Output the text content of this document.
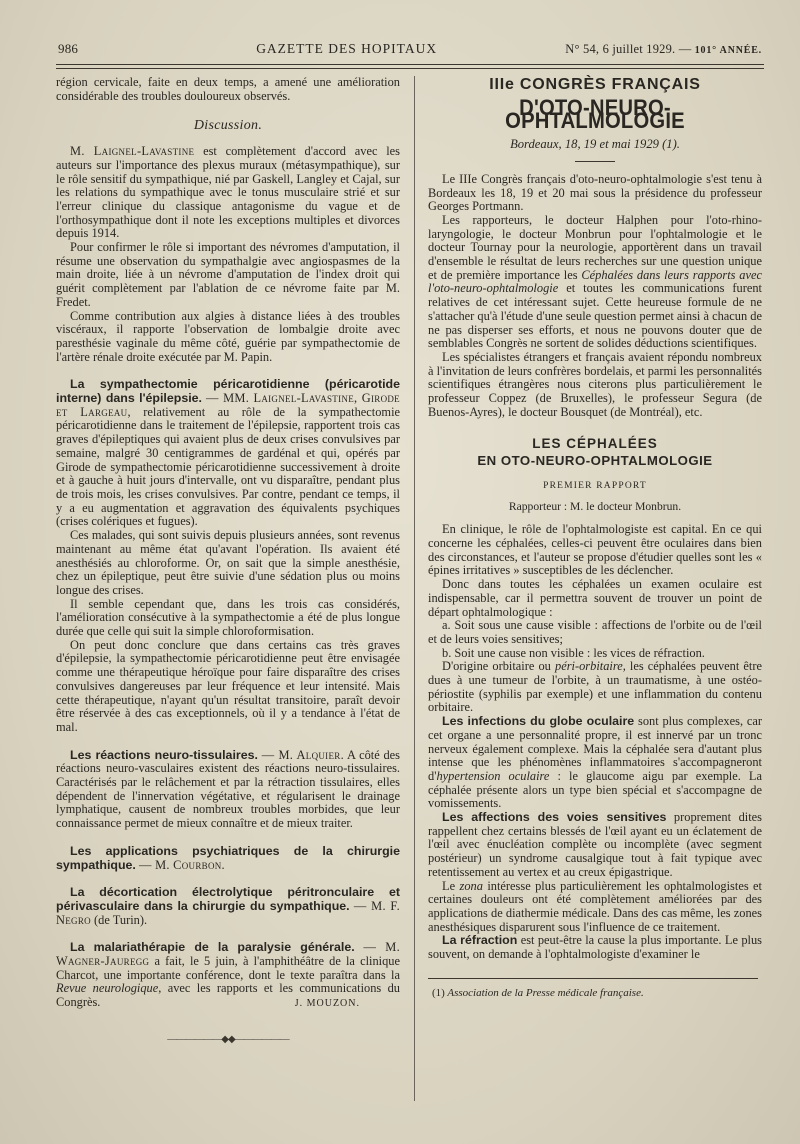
986	GAZETTE DES HOPITAUX	N° 54, 6 juillet 1929. — 101° ANNÉE.

région cervicale, faite en deux temps, a amené une amélioration considérable des troubles douloureux observés.

Discussion.

M. Laignel-Lavastine est complètement d'accord avec les auteurs sur l'importance des plexus muraux (métasympathique), sur le rôle sensitif du sympathique, nié par Gaskell, Langley et Cajal, sur les relations du sympathique avec le tonus musculaire strié et sur l'erreur clinique du classique antagonisme du vague et de l'orthosympathique dont il note les exceptions multiples et divorces depuis 1914.

Pour confirmer le rôle si important des névromes d'amputation, il résume une observation du sympathalgie avec angiospasmes de la main droite, liée à un névrome d'amputation de l'index droit qui guérit complètement par l'ablation de ce névrome faite par M. Fredet.

Comme contribution aux algies à distance liées à des troubles viscéraux, il rapporte l'observation de lombalgie droite avec paresthésie vaginale du même côté, guérie par sympathectomie de l'artère rénale droite exécutée par M. Papin.

La sympathectomie péricarotidienne (péricarotide interne) dans l'épilepsie. — MM. Laignel-Lavastine, Girode et Largeau, relativement au rôle de la sympathectomie péricarotidienne dans le traitement de l'épilepsie, rapportent trois cas graves d'épileptiques qui avaient plus de deux crises convulsives par semaine, malgré 30 centigrammes de gardénal et qui, opérés par Girode de sympathectomie péricarotidienne successivement à droite et à gauche à huit jours d'intervalle, ont vu disparaître, pendant plus de trois mois, les crises convulsives. Par contre, pendant ce temps, il y a eu augmentation et aggravation des équivalents psychiques (crises colériques et fugues).

Ces malades, qui sont suivis depuis plusieurs années, sont revenus maintenant au même état qu'avant l'opération. Ils avaient été anesthésiés au chloroforme. Or, on sait que la simple anesthésie, chez un épileptique, peut être suivie d'une sédation plus ou moins longue des crises.

Il semble cependant que, dans les trois cas considérés, l'amélioration consécutive à la sympathectomie a été de plus longue durée que celle qui suit la simple chloroformisation.

On peut donc conclure que dans certains cas très graves d'épilepsie, la sympathectomie péricarotidienne peut être envisagée comme une thérapeutique héroïque pour faire disparaître des crises convulsives dangereuses par leur fréquence et leur intensité. Mais cette thérapeutique, n'ayant qu'un résultat transitoire, paraît devoir être réservée à des cas exceptionnels, où il y a tendance à l'état de mal.

Les réactions neuro-tissulaires. — M. Alquier. A côté des réactions neuro-vasculaires existent des réactions neuro-tissulaires. Caractérisés par le relâchement et par la rétraction tissulaires, elles dépendent de l'innervation végétative, et régularisent le drainage lymphatique, causent de nombreux troubles morbides, que leur connaissance permet de mieux connaître et de mieux traiter.

Les applications psychiatriques de la chirurgie sympathique. — M. Courbon.

La décortication électrolytique péritronculaire et périvasculaire dans la chirurgie du sympathique. — M. F. Negro (de Turin).

La malariathérapie de la paralysie générale. — M. Wagner-Jauregg a fait, le 5 juin, à l'amphithéâtre de la clinique Charcot, une importante conférence, dont le texte paraîtra dans la Revue neurologique, avec les rapports et les communications du Congrès.	J. MOUZON.
——————◆◆——————
IIIe CONGRÈS FRANÇAIS
D'OTO-NEURO-OPHTALMOLOGIE
Bordeaux, 18, 19 et mai 1929 (1).

Le IIIe Congrès français d'oto-neuro-ophtalmologie s'est tenu à Bordeaux les 18, 19 et 20 mai sous la présidence du professeur Georges Portmann.

Les rapporteurs, le docteur Halphen pour l'oto-rhino-laryngologie, le docteur Monbrun pour l'ophtalmologie et le docteur Tournay pour la neurologie, apportèrent dans un travail d'ensemble le résultat de leurs recherches sur une question unique et de première importance les Céphalées dans leurs rapports avec l'oto-neuro-ophtalmologie et toutes les communications furent relatives de cet intéressant sujet. Cette heureuse formule de ne s'attacher qu'à l'étude d'une seule question permet ainsi à chacun de ne pas disperser ses efforts, et nous ne pouvons douter que de semblables Congrès ne sortent de solides déductions scientifiques.

Les spécialistes étrangers et français avaient répondu nombreux à l'invitation de leurs confrères bordelais, et parmi les personnalités scientifiques étrangères nous citerons plus particulièrement le professeur Coppez (de Bruxelles), le professeur Segura (de Buenos-Ayres), le docteur Bousquet (de Montréal), etc.

LES CÉPHALÉES
EN OTO-NEURO-OPHTALMOLOGIE
PREMIER RAPPORT
Rapporteur : M. le docteur Monbrun.

En clinique, le rôle de l'ophtalmologiste est capital. En ce qui concerne les céphalées, celles-ci peuvent être oculaires dans bien des circonstances, et l'auteur se propose d'étudier quelles sont les « épines irritatives » susceptibles de les déclencher.

Donc dans toutes les céphalées un examen oculaire est indispensable, car il permettra souvent de trouver un point de départ ophtalmologique :

a. Soit sous une cause visible : affections de l'orbite ou de l'œil et de leurs voies sensitives;

b. Soit une cause non visible : les vices de réfraction.

D'origine orbitaire ou péri-orbitaire, les céphalées peuvent être dues à une tumeur de l'orbite, à un traumatisme, à une ostéo-périostite (syphilis par exemple) et une inflammation du contenu orbitaire.

Les infections du globe oculaire sont plus complexes, car cet organe a une personnalité propre, il est innervé par un tronc nerveux également complexe. Mais la céphalée sera d'autant plus intense que les phénomènes inflammatoires s'accompagneront d'hypertension oculaire : le glaucome aigu par exemple. La céphalée présente alors un type bien spécial et s'accompagne de vomissements.

Les affections des voies sensitives proprement dites rappellent chez certains blessés de l'œil ayant eu un éclatement de l'œil avec énucléation complète ou incomplète (avec segment postérieur) un syndrome causalgique tout à fait typique avec retentissement au vertex et au creux épigastrique.

Le zona intéresse plus particulièrement les ophtalmologistes et certaines douleurs ont été complètement améliorées par des applications de diathermie médicale. Dans des cas même, les zones anesthésiques disparurent sous l'influence de ce traitement.

La réfraction est peut-être la cause la plus importante. Le plus souvent, on demande à l'ophtalmologiste d'examiner le

(1) Association de la Presse médicale française.
